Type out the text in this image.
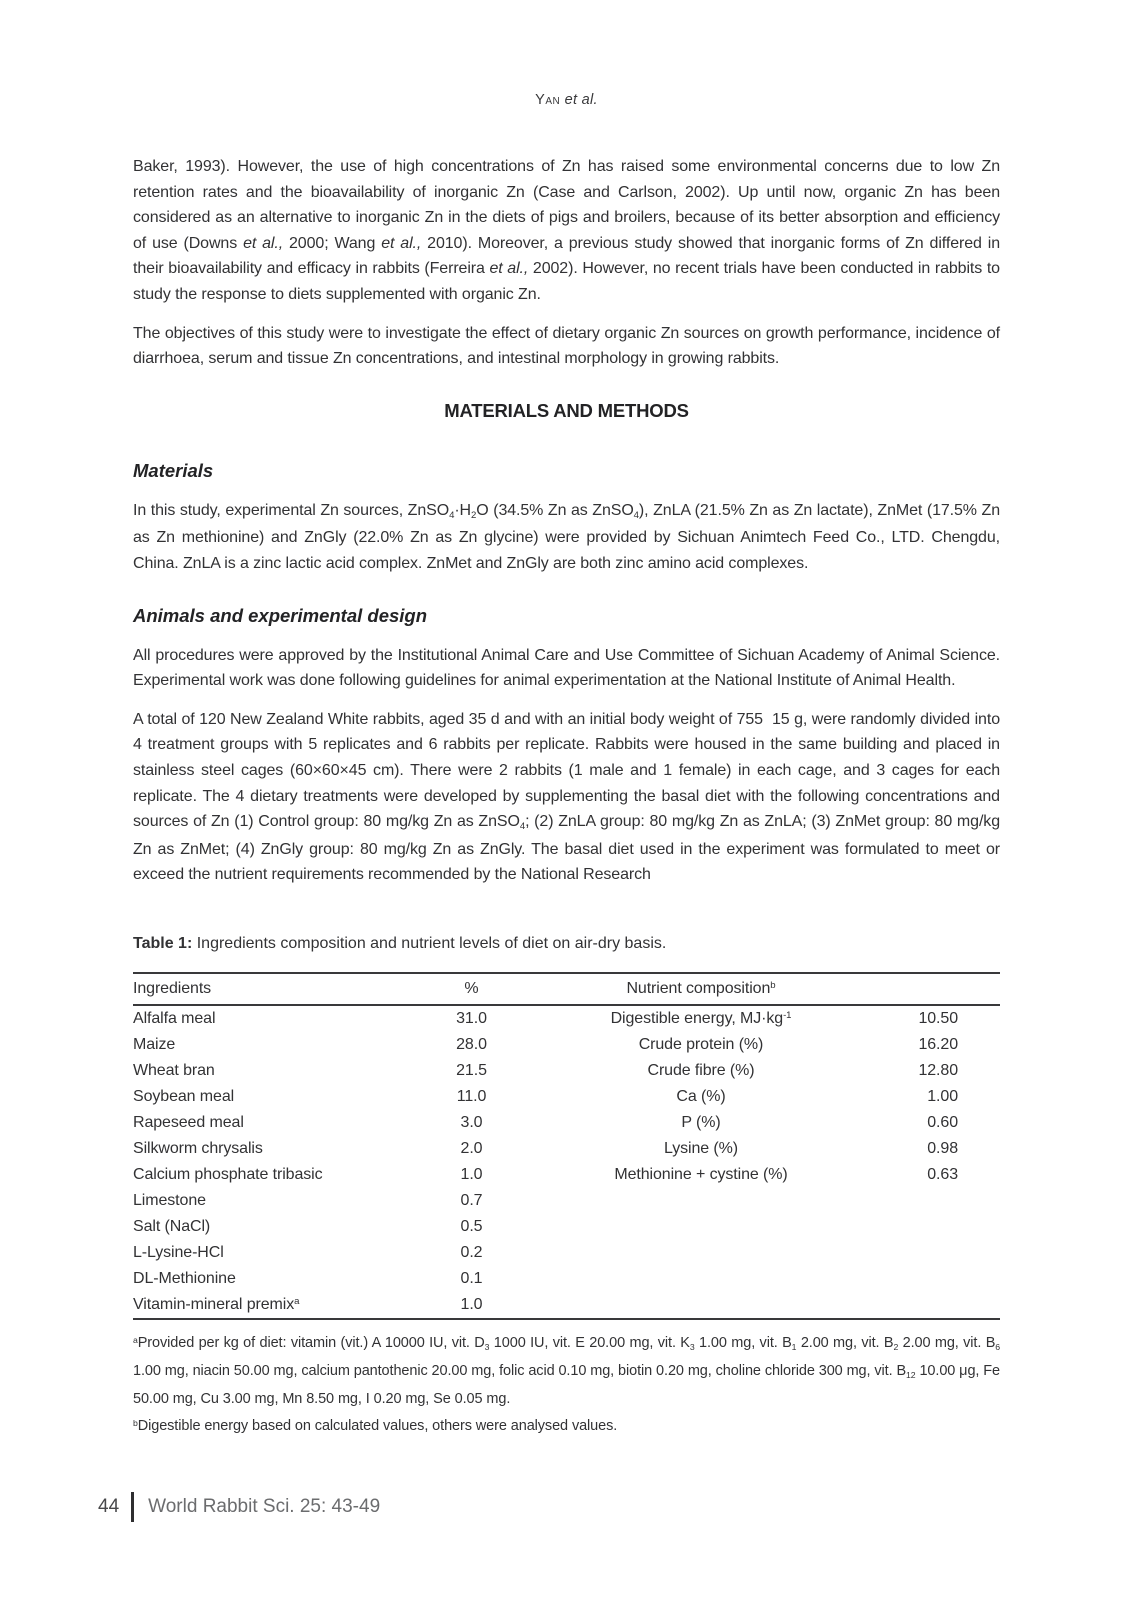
Yan et al.

Baker, 1993). However, the use of high concentrations of Zn has raised some environmental concerns due to low Zn retention rates and the bioavailability of inorganic Zn (Case and Carlson, 2002). Up until now, organic Zn has been considered as an alternative to inorganic Zn in the diets of pigs and broilers, because of its better absorption and efficiency of use (Downs et al., 2000; Wang et al., 2010). Moreover, a previous study showed that inorganic forms of Zn differed in their bioavailability and efficacy in rabbits (Ferreira et al., 2002). However, no recent trials have been conducted in rabbits to study the response to diets supplemented with organic Zn.

The objectives of this study were to investigate the effect of dietary organic Zn sources on growth performance, incidence of diarrhoea, serum and tissue Zn concentrations, and intestinal morphology in growing rabbits.

MATERIALS AND METHODS
Materials

In this study, experimental Zn sources, ZnSO4·H2O (34.5% Zn as ZnSO4), ZnLA (21.5% Zn as Zn lactate), ZnMet (17.5% Zn as Zn methionine) and ZnGly (22.0% Zn as Zn glycine) were provided by Sichuan Animtech Feed Co., LTD. Chengdu, China. ZnLA is a zinc lactic acid complex. ZnMet and ZnGly are both zinc amino acid complexes.

Animals and experimental design

All procedures were approved by the Institutional Animal Care and Use Committee of Sichuan Academy of Animal Science. Experimental work was done following guidelines for animal experimentation at the National Institute of Animal Health.

A total of 120 New Zealand White rabbits, aged 35 d and with an initial body weight of 755  15 g, were randomly divided into 4 treatment groups with 5 replicates and 6 rabbits per replicate. Rabbits were housed in the same building and placed in stainless steel cages (60×60×45 cm). There were 2 rabbits (1 male and 1 female) in each cage, and 3 cages for each replicate. The 4 dietary treatments were developed by supplementing the basal diet with the following concentrations and sources of Zn (1) Control group: 80 mg/kg Zn as ZnSO4; (2) ZnLA group: 80 mg/kg Zn as ZnLA; (3) ZnMet group: 80 mg/kg Zn as ZnMet; (4) ZnGly group: 80 mg/kg Zn as ZnGly. The basal diet used in the experiment was formulated to meet or exceed the nutrient requirements recommended by the National Research

Table 1: Ingredients composition and nutrient levels of diet on air-dry basis.
Ingredients	%	Nutrient composition$^b$	
Alfalfa meal	31.0	Digestible energy, $MJ\cdot kg^{-1}$	10.50
Maize	28.0	Crude protein (%)	16.20
Wheat bran	21.5	Crude fibre (%)	12.80
Soybean meal	11.0	Ca (%)	1.00
Rapeseed meal	3.0	P (%)	0.60
Silkworm chrysalis	2.0	Lysine (%)	0.98
Calcium phosphate tribasic	1.0	Methionine + cystine (%)	0.63
Limestone	0.7		
Salt (NaCl)	0.5		
L-Lysine-HCl	0.2		
DL-Methionine	0.1		
Vitamin-mineral premix$^a$	1.0		

$^a$Provided per kg of diet: vitamin (vit.) A 10000 IU, vit. D3 1000 IU, vit. E 20.00 mg, vit. K3 1.00 mg, vit. B1 2.00 mg, vit. B2 2.00 mg, vit. B6 1.00 mg, niacin 50.00 mg, calcium pantothenic 20.00 mg, folic acid 0.10 mg, biotin 0.20 mg, choline chloride 300 mg, vit. B12 10.00 μg, Fe 50.00 mg, Cu 3.00 mg, Mn 8.50 mg, I 0.20 mg, Se 0.05 mg.

$^b$Digestible energy based on calculated values, others were analysed values.

44 World Rabbit Sci. 25: 43-49
